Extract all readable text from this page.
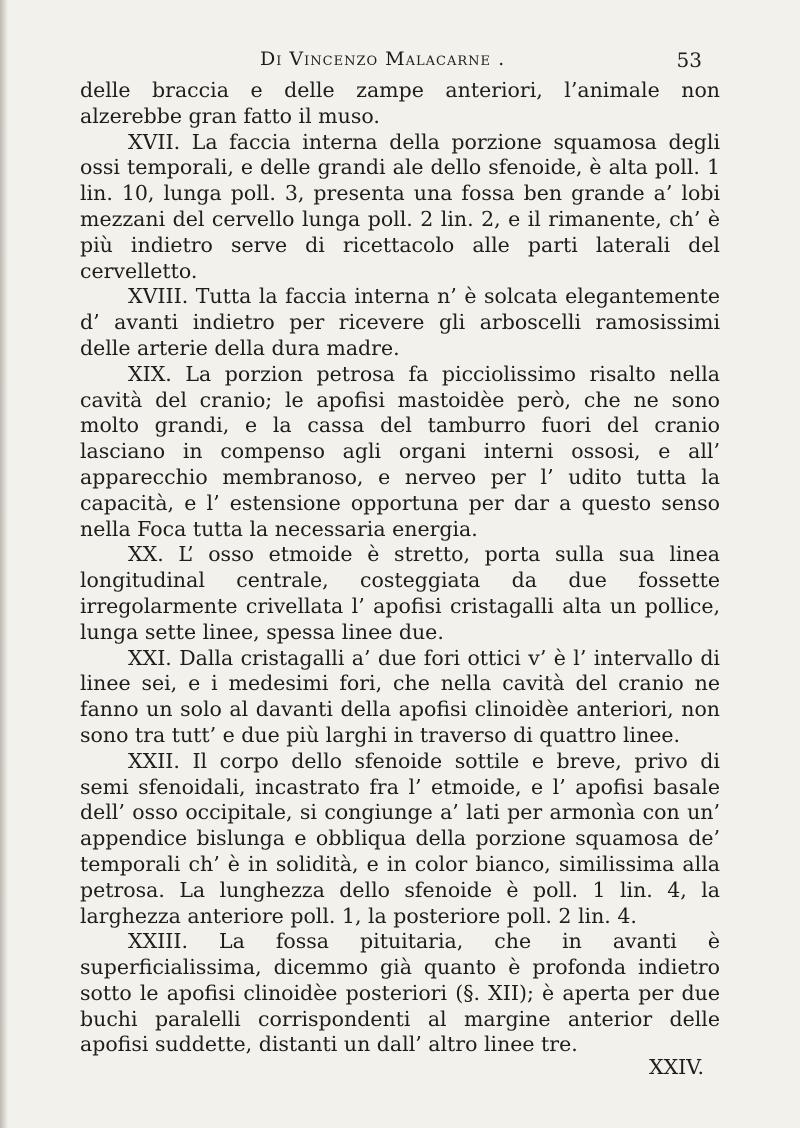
Di Vincenzo Malacarne .	53

delle braccia e delle zampe anteriori, l’animale non alzerebbe gran fatto il muso.

XVII. La faccia interna della porzione squamosa degli ossi temporali, e delle grandi ale dello sfenoide, è alta poll. 1 lin. 10, lunga poll. 3, presenta una fossa ben grande a’ lobi mezzani del cervello lunga poll. 2 lin. 2, e il rimanente, ch’ è più indietro serve di ricettacolo alle parti laterali del cervelletto.

XVIII. Tutta la faccia interna n’ è solcata elegantemente d’ avanti indietro per ricevere gli arboscelli ramosissimi delle arterie della dura madre.

XIX. La porzion petrosa fa picciolissimo risalto nella cavità del cranio; le apofisi mastoidèe però, che ne sono molto grandi, e la cassa del tamburro fuori del cranio lasciano in compenso agli organi interni ossosi, e all’ apparecchio membranoso, e nerveo per l’ udito tutta la capacità, e l’ estensione opportuna per dar a questo senso nella Foca tutta la necessaria energia.

XX. L’ osso etmoide è stretto, porta sulla sua linea longitudinal centrale, costeggiata da due fossette irregolarmente crivellata l’ apofisi cristagalli alta un pollice, lunga sette linee, spessa linee due.

XXI. Dalla cristagalli a’ due fori ottici v’ è l’ intervallo di linee sei, e i medesimi fori, che nella cavità del cranio ne fanno un solo al davanti della apofisi clinoidèe anteriori, non sono tra tutt’ e due più larghi in traverso di quattro linee.

XXII. Il corpo dello sfenoide sottile e breve, privo di semi sfenoidali, incastrato fra l’ etmoide, e l’ apofisi basale dell’ osso occipitale, si congiunge a’ lati per armonìa con un’ appendice bislunga e obbliqua della porzione squamosa de’ temporali ch’ è in solidità, e in color bianco, similissima alla petrosa. La lunghezza dello sfenoide è poll. 1 lin. 4, la larghezza anteriore poll. 1, la posteriore poll. 2 lin. 4.

XXIII. La fossa pituitaria, che in avanti è superficialissima, dicemmo già quanto è profonda indietro sotto le apofisi clinoidèe posteriori (§. XII); è aperta per due buchi paralelli corrispondenti al margine anterior delle apofisi suddette, distanti un dall’ altro linee tre.

XXIV.
